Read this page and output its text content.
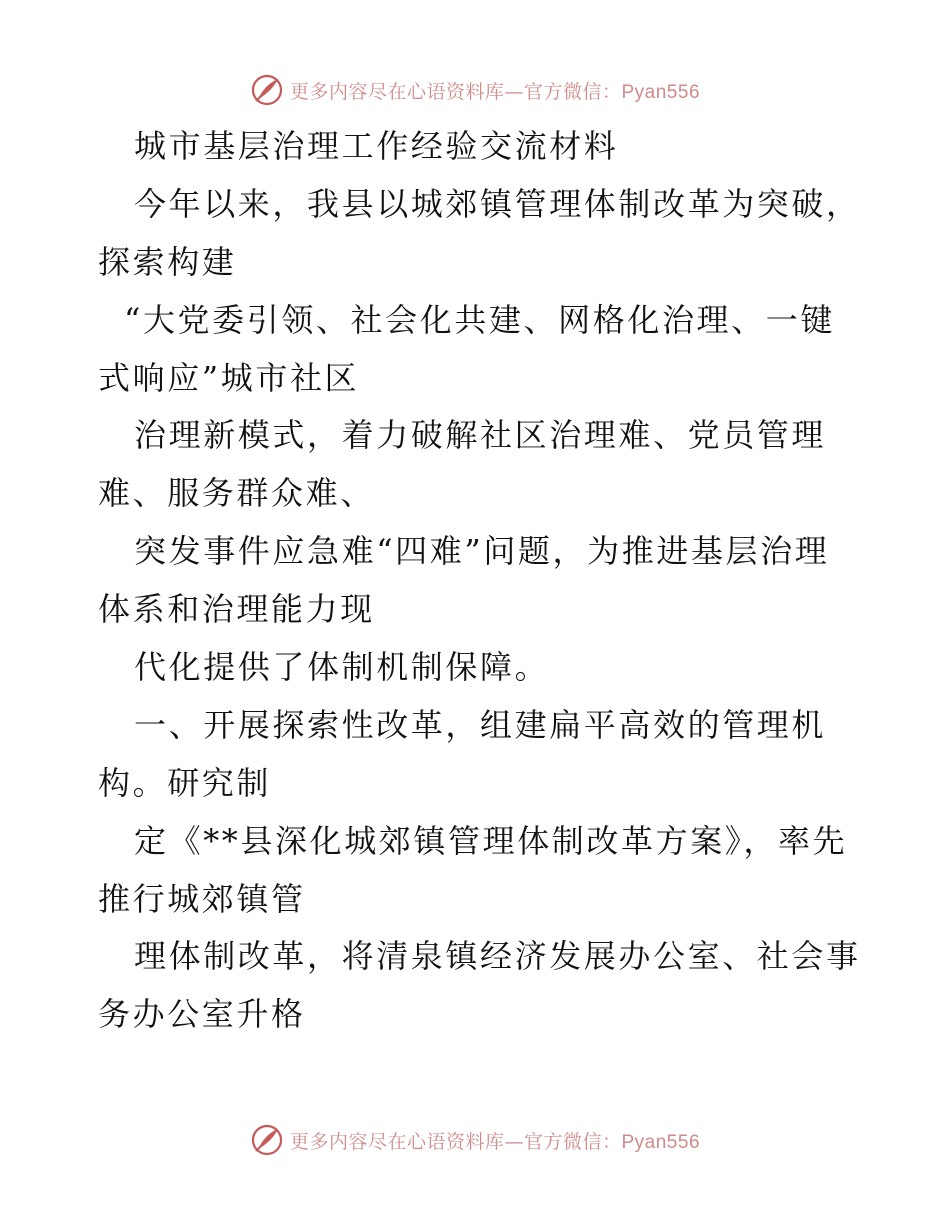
更多内容尽在心语资料库—官方微信：Pyan556
城市基层治理工作经验交流材料
今年以来，我县以城郊镇管理体制改革为突破，
探索构建
“大党委引领、社会化共建、网格化治理、一键
式响应”城市社区
治理新模式，着力破解社区治理难、党员管理
难、服务群众难、
突发事件应急难“四难”问题，为推进基层治理
体系和治理能力现
代化提供了体制机制保障。
一、开展探索性改革，组建扁平高效的管理机
构。研究制
定《**县深化城郊镇管理体制改革方案》，率先
推行城郊镇管
理体制改革，将清泉镇经济发展办公室、社会事
务办公室升格
更多内容尽在心语资料库—官方微信：Pyan556
